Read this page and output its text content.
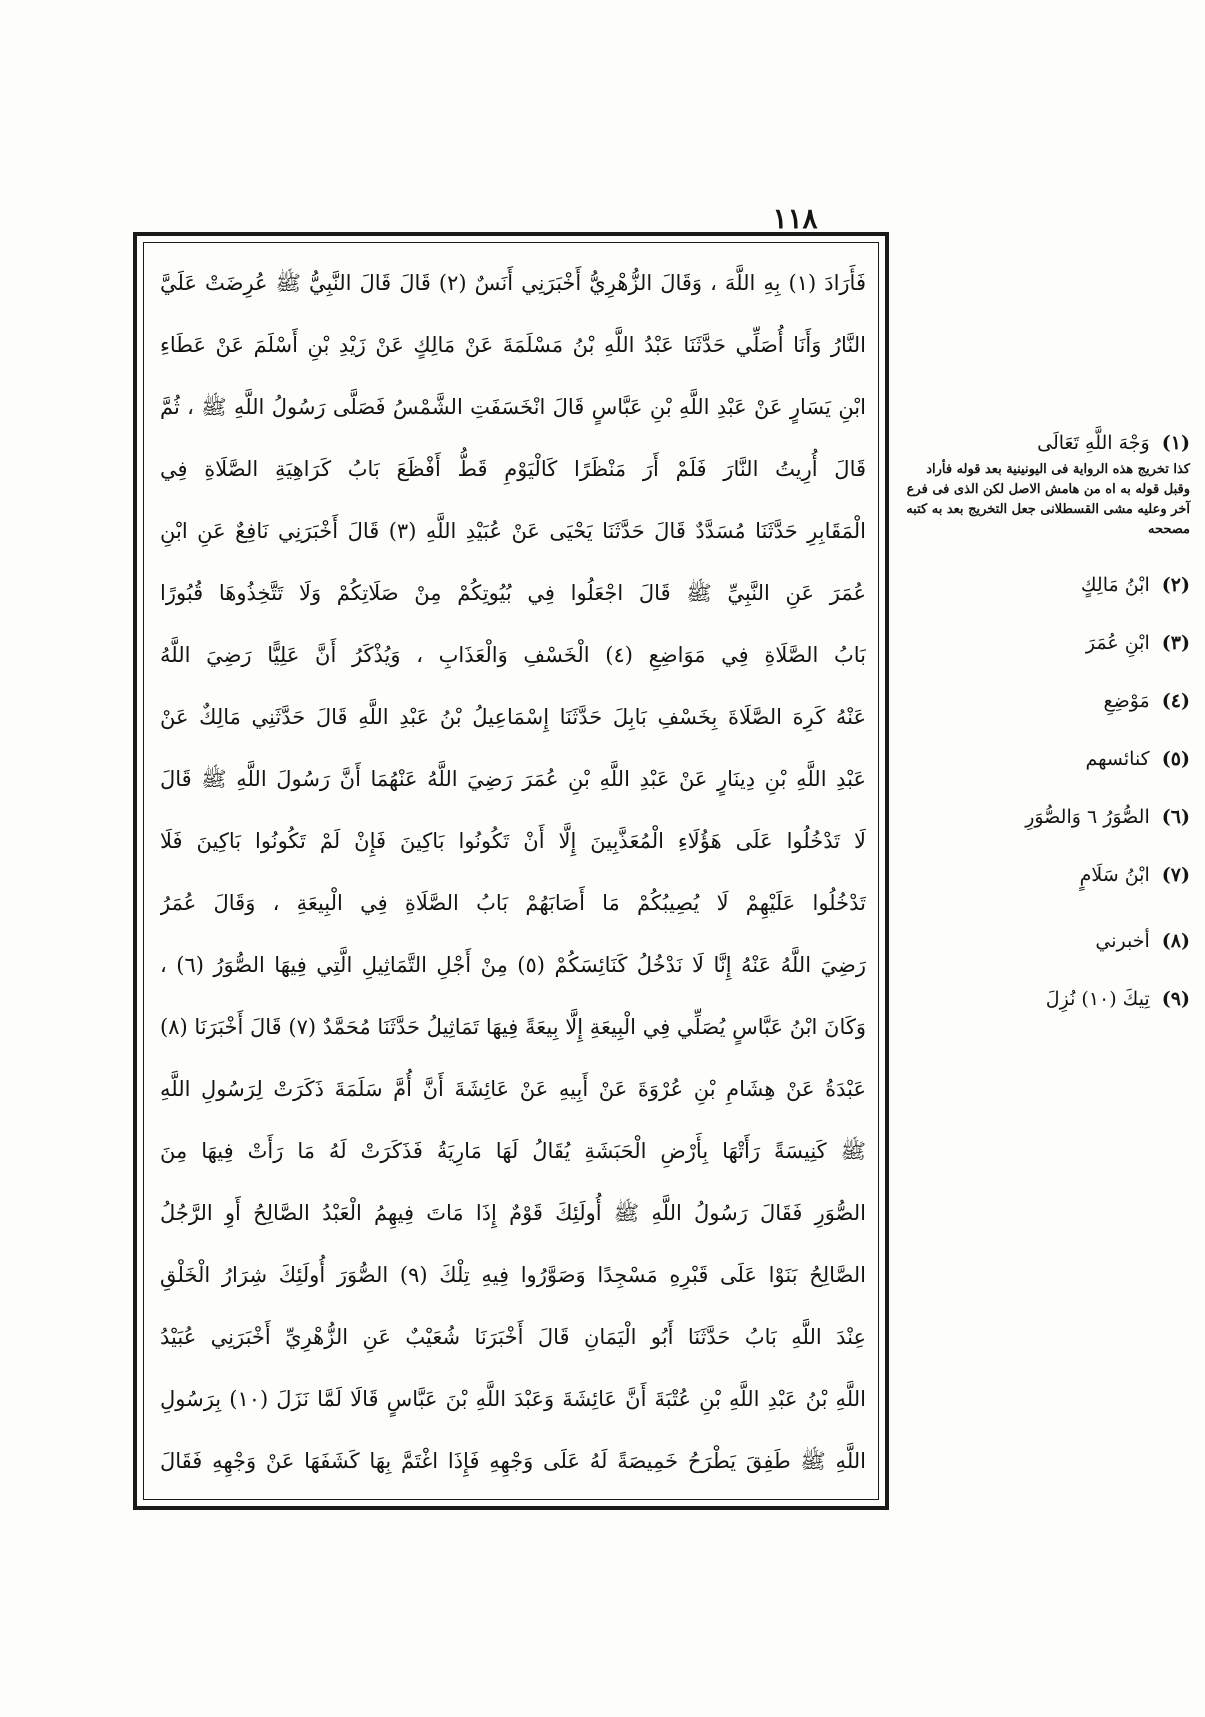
١١٨
فَأَرَادَ (١) بِهِ اللَّهَ ، وَقَالَ الزُّهْرِيُّ أَخْبَرَنِي أَنَسٌ (٢) قَالَ قَالَ النَّبِيُّ ﷺ عُرِضَتْ عَلَيَّ
النَّارُ وَأَنَا أُصَلِّي حَدَّثَنَا عَبْدُ اللَّهِ بْنُ مَسْلَمَةَ عَنْ مَالِكٍ عَنْ زَيْدِ بْنِ أَسْلَمَ عَنْ عَطَاءِ
ابْنِ يَسَارٍ عَنْ عَبْدِ اللَّهِ بْنِ عَبَّاسٍ قَالَ انْخَسَفَتِ الشَّمْسُ فَصَلَّى رَسُولُ اللَّهِ ﷺ ، ثُمَّ
قَالَ أُرِيتُ النَّارَ فَلَمْ أَرَ مَنْظَرًا كَالْيَوْمِ قَطُّ أَفْظَعَ بَابُ كَرَاهِيَةِ الصَّلَاةِ فِي
الْمَقَابِرِ حَدَّثَنَا مُسَدَّدٌ قَالَ حَدَّثَنَا يَحْيَى عَنْ عُبَيْدِ اللَّهِ (٣) قَالَ أَخْبَرَنِي نَافِعٌ عَنِ ابْنِ
عُمَرَ عَنِ النَّبِيِّ ﷺ قَالَ اجْعَلُوا فِي بُيُوتِكُمْ مِنْ صَلَاتِكُمْ وَلَا تَتَّخِذُوهَا قُبُورًا
بَابُ الصَّلَاةِ فِي مَوَاضِعِ (٤) الْخَسْفِ وَالْعَذَابِ ، وَيُذْكَرُ أَنَّ عَلِيًّا رَضِيَ اللَّهُ
عَنْهُ كَرِهَ الصَّلَاةَ بِخَسْفِ بَابِلَ حَدَّثَنَا إِسْمَاعِيلُ بْنُ عَبْدِ اللَّهِ قَالَ حَدَّثَنِي مَالِكٌ عَنْ
عَبْدِ اللَّهِ بْنِ دِينَارٍ عَنْ عَبْدِ اللَّهِ بْنِ عُمَرَ رَضِيَ اللَّهُ عَنْهُمَا أَنَّ رَسُولَ اللَّهِ ﷺ قَالَ
لَا تَدْخُلُوا عَلَى هَؤُلَاءِ الْمُعَذَّبِينَ إِلَّا أَنْ تَكُونُوا بَاكِينَ فَإِنْ لَمْ تَكُونُوا بَاكِينَ فَلَا
تَدْخُلُوا عَلَيْهِمْ لَا يُصِيبُكُمْ مَا أَصَابَهُمْ بَابُ الصَّلَاةِ فِي الْبِيعَةِ ، وَقَالَ عُمَرُ
رَضِيَ اللَّهُ عَنْهُ إِنَّا لَا نَدْخُلُ كَنَائِسَكُمْ (٥) مِنْ أَجْلِ التَّمَاثِيلِ الَّتِي فِيهَا الصُّوَرُ (٦) ،
وَكَانَ ابْنُ عَبَّاسٍ يُصَلِّي فِي الْبِيعَةِ إِلَّا بِيعَةً فِيهَا تَمَاثِيلُ حَدَّثَنَا مُحَمَّدٌ (٧) قَالَ أَخْبَرَنَا (٨)
عَبْدَةُ عَنْ هِشَامِ بْنِ عُرْوَةَ عَنْ أَبِيهِ عَنْ عَائِشَةَ أَنَّ أُمَّ سَلَمَةَ ذَكَرَتْ لِرَسُولِ اللَّهِ
ﷺ كَنِيسَةً رَأَتْهَا بِأَرْضِ الْحَبَشَةِ يُقَالُ لَهَا مَارِيَةُ فَذَكَرَتْ لَهُ مَا رَأَتْ فِيهَا مِنَ
الصُّوَرِ فَقَالَ رَسُولُ اللَّهِ ﷺ أُولَئِكَ قَوْمٌ إِذَا مَاتَ فِيهِمُ الْعَبْدُ الصَّالِحُ أَوِ الرَّجُلُ
الصَّالِحُ بَنَوْا عَلَى قَبْرِهِ مَسْجِدًا وَصَوَّرُوا فِيهِ تِلْكَ (٩) الصُّوَرَ أُولَئِكَ شِرَارُ الْخَلْقِ
عِنْدَ اللَّهِ بَابُ حَدَّثَنَا أَبُو الْيَمَانِ قَالَ أَخْبَرَنَا شُعَيْبٌ عَنِ الزُّهْرِيِّ أَخْبَرَنِي عُبَيْدُ
اللَّهِ بْنُ عَبْدِ اللَّهِ بْنِ عُتْبَةَ أَنَّ عَائِشَةَ وَعَبْدَ اللَّهِ بْنَ عَبَّاسٍ قَالَا لَمَّا نَزَلَ (١٠) بِرَسُولِ
اللَّهِ ﷺ طَفِقَ يَطْرَحُ خَمِيصَةً لَهُ عَلَى وَجْهِهِ فَإِذَا اغْتَمَّ بِهَا كَشَفَهَا عَنْ وَجْهِهِ فَقَالَ
(١) وَجْهَ اللَّهِ تَعَالَى
كذا تخريج هذه الرواية فى اليونينية بعد قوله فأراد وقبل قوله به اه من هامش الاصل لكن الذى فى فرع آخر وعليه مشى القسطلانى جعل التخريج بعد به كتبه مصححه
(٢) ابْنُ مَالِكٍ
(٣) ابْنِ عُمَرَ
(٤) مَوْضِعِ
(٥) كنائسهم
(٦) الصُّوَرُ ٦ وَالصُّوَرِ
(٧) ابْنُ سَلَامٍ
(٨) أخبرني
(٩) تِيكَ (١٠) نُزِلَ
